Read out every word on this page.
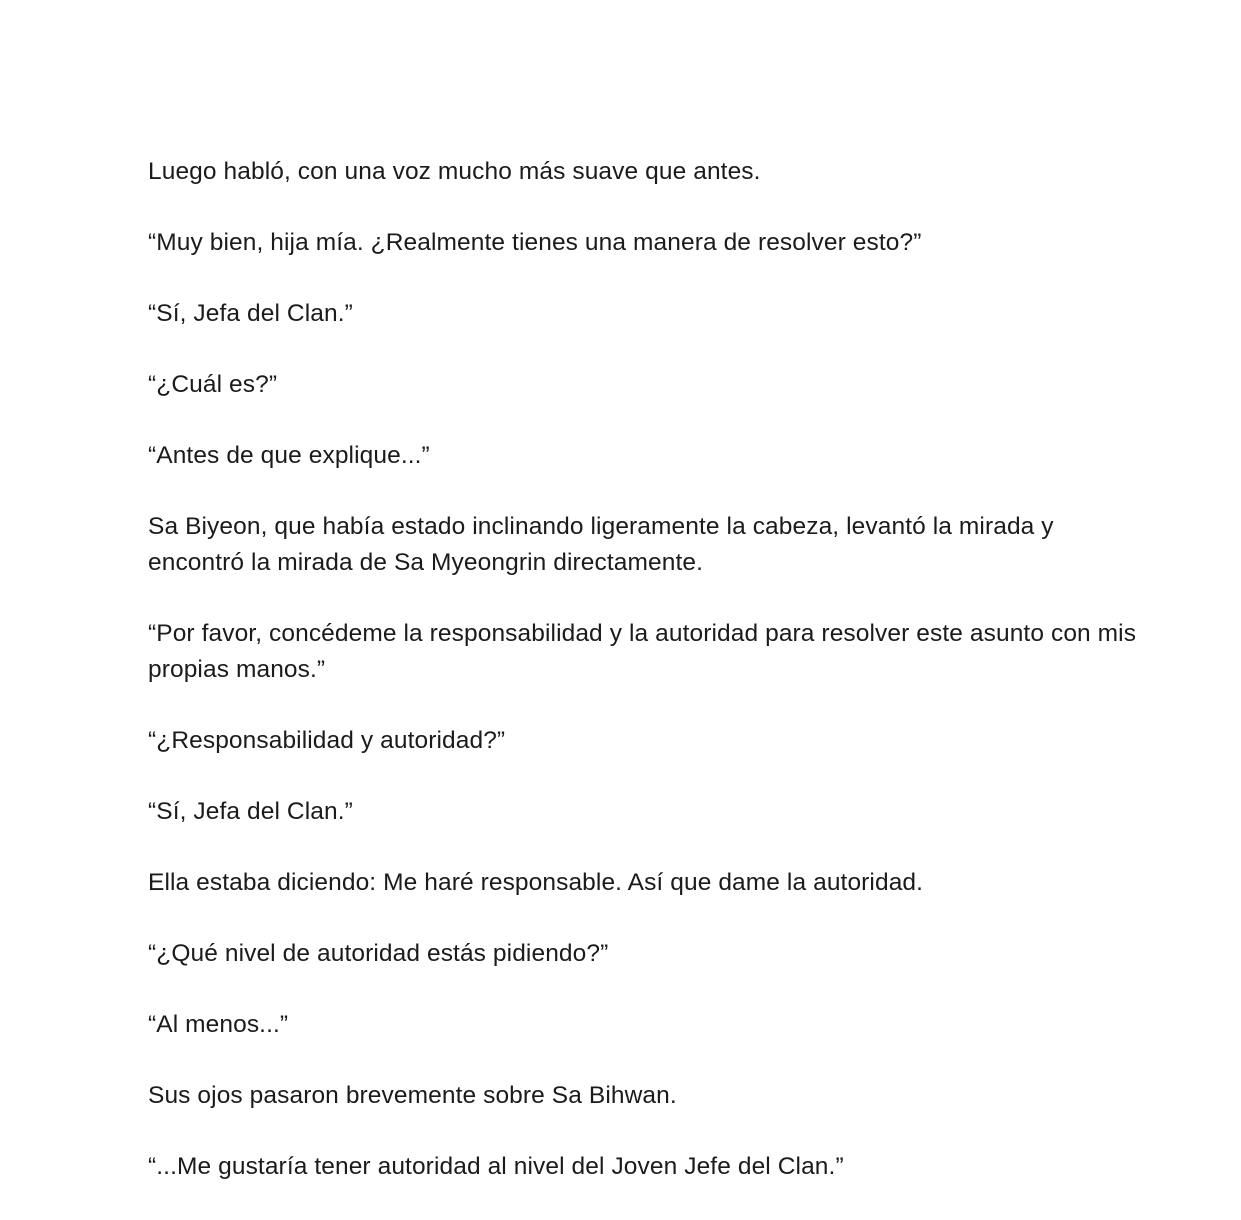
Luego habló, con una voz mucho más suave que antes.

“Muy bien, hija mía. ¿Realmente tienes una manera de resolver esto?”

“Sí, Jefa del Clan.”

“¿Cuál es?”

“Antes de que explique...”

Sa Biyeon, que había estado inclinando ligeramente la cabeza, levantó la mirada y encontró la mirada de Sa Myeongrin directamente.

“Por favor, concédeme la responsabilidad y la autoridad para resolver este asunto con mis propias manos.”

“¿Responsabilidad y autoridad?”

“Sí, Jefa del Clan.”

Ella estaba diciendo: Me haré responsable. Así que dame la autoridad.

“¿Qué nivel de autoridad estás pidiendo?”

“Al menos...”

Sus ojos pasaron brevemente sobre Sa Bihwan.

“...Me gustaría tener autoridad al nivel del Joven Jefe del Clan.”
